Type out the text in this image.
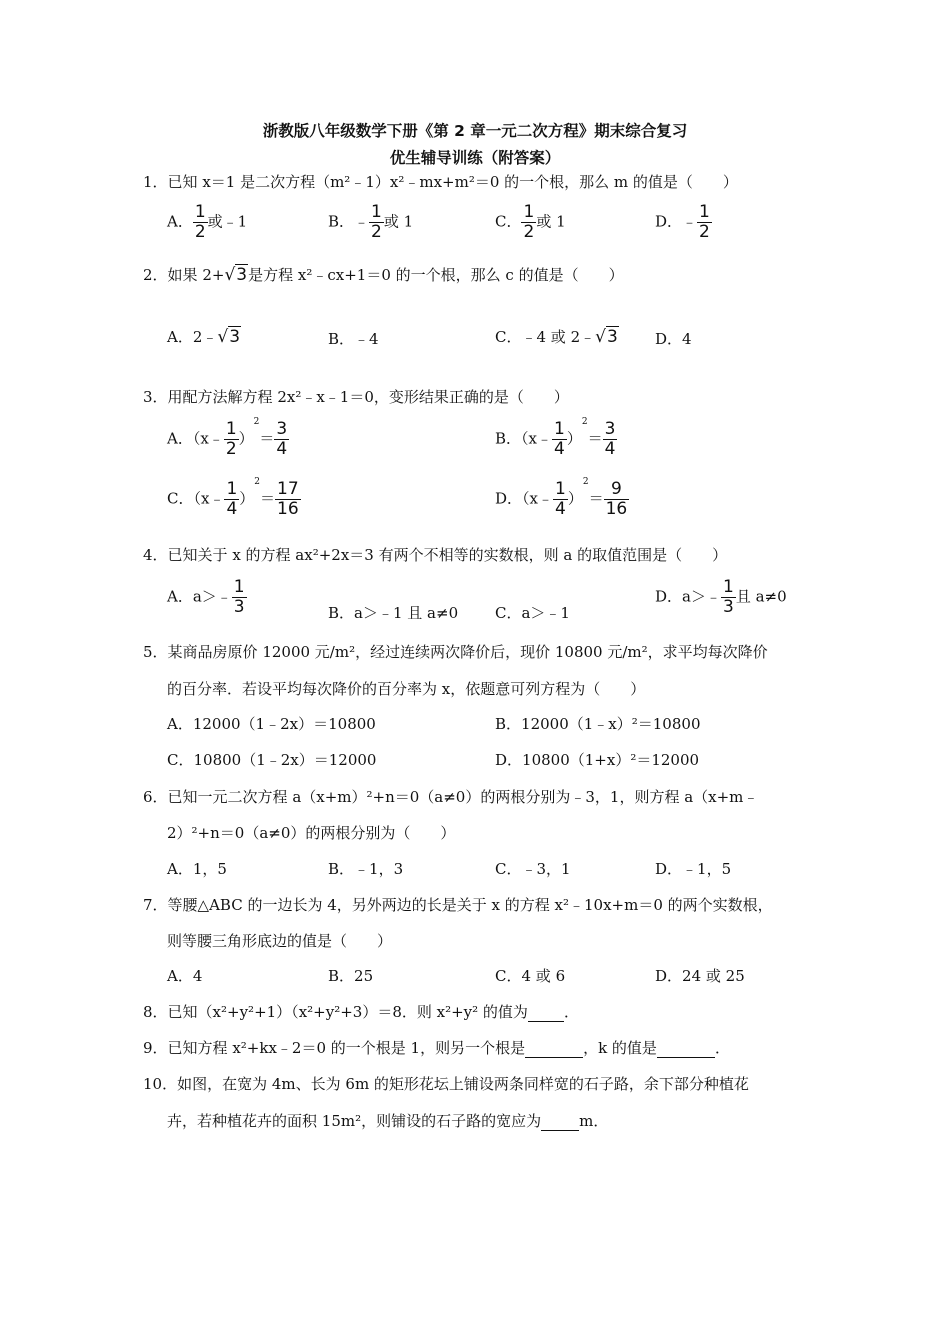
浙教版八年级数学下册《第 2 章一元二次方程》期末综合复习
优生辅导训练（附答案）
1．已知 x＝1 是二次方程（m²﹣1）x²﹣mx+m²＝0 的一个根，那么 m 的值是（　　）
A． $\frac{1}{2}$ 或﹣1	B．﹣ $\frac{1}{2}$ 或 1	C． $\frac{1}{2}$ 或 1	D．﹣ $\frac{1}{2}$
2．如果 2+√3是方程 x²﹣cx+1＝0 的一个根，那么 c 的值是（　　）
A．2﹣√3	B．﹣4	C．﹣4 或 2﹣√3 D．4
3．用配方法解方程 2x²﹣x﹣1＝0，变形结果正确的是（　　）
A．（x﹣ $\frac{1}{2} )^2= \frac{3}{4}$	B．（x﹣ $\frac{1}{4} )^2= \frac{3}{4}$
C．（x﹣ $\frac{1}{4} )^2= \frac{17}{16}$	D．（x﹣ $\frac{1}{4} )^2= \frac{9}{16}$
4．已知关于 x 的方程 ax²+2x＝3 有两个不相等的实数根，则 a 的取值范围是（　　）
A．a＞﹣ $\frac{1}{3}$	B．a＞﹣1 且 a≠0 C．a＞﹣1
D．a＞﹣ $\frac{1}{3}$ 且 a≠0
5．某商品房原价 12000 元/m²，经过连续两次降价后，现价 10800 元/m²，求平均每次降价
的百分率．若设平均每次降价的百分率为 x，依题意可列方程为（　　）
A．12000（1﹣2x）＝10800	B．12000（1﹣x）²＝10800
C．10800（1﹣2x）＝12000	D．10800（1+x）²＝12000
6．已知一元二次方程 a（x+m）²+n＝0（a≠0）的两根分别为﹣3，1，则方程 a（x+m﹣
2）²+n＝0（a≠0）的两根分别为（　　）
A．1，5	B．﹣1，3	C．﹣3，1	D．﹣1，5
7．等腰△ABC 的一边长为 4，另外两边的长是关于 x 的方程 x²﹣10x+m＝0 的两个实数根，
则等腰三角形底边的值是（　　）
A．4	B．25	C．4 或 6	D．24 或 25
8．已知（x²+y²+1）（x²+y²+3）＝8．则 x²+y² 的值为 ．
9．已知方程 x²+kx﹣2＝0 的一个根是 1，则另一个根是	，k 的值是	．
10．如图，在宽为 4m、长为 6m 的矩形花坛上铺设两条同样宽的石子路，余下部分种植花
卉，若种植花卉的面积 15m²，则铺设的石子路的宽应为	m．
